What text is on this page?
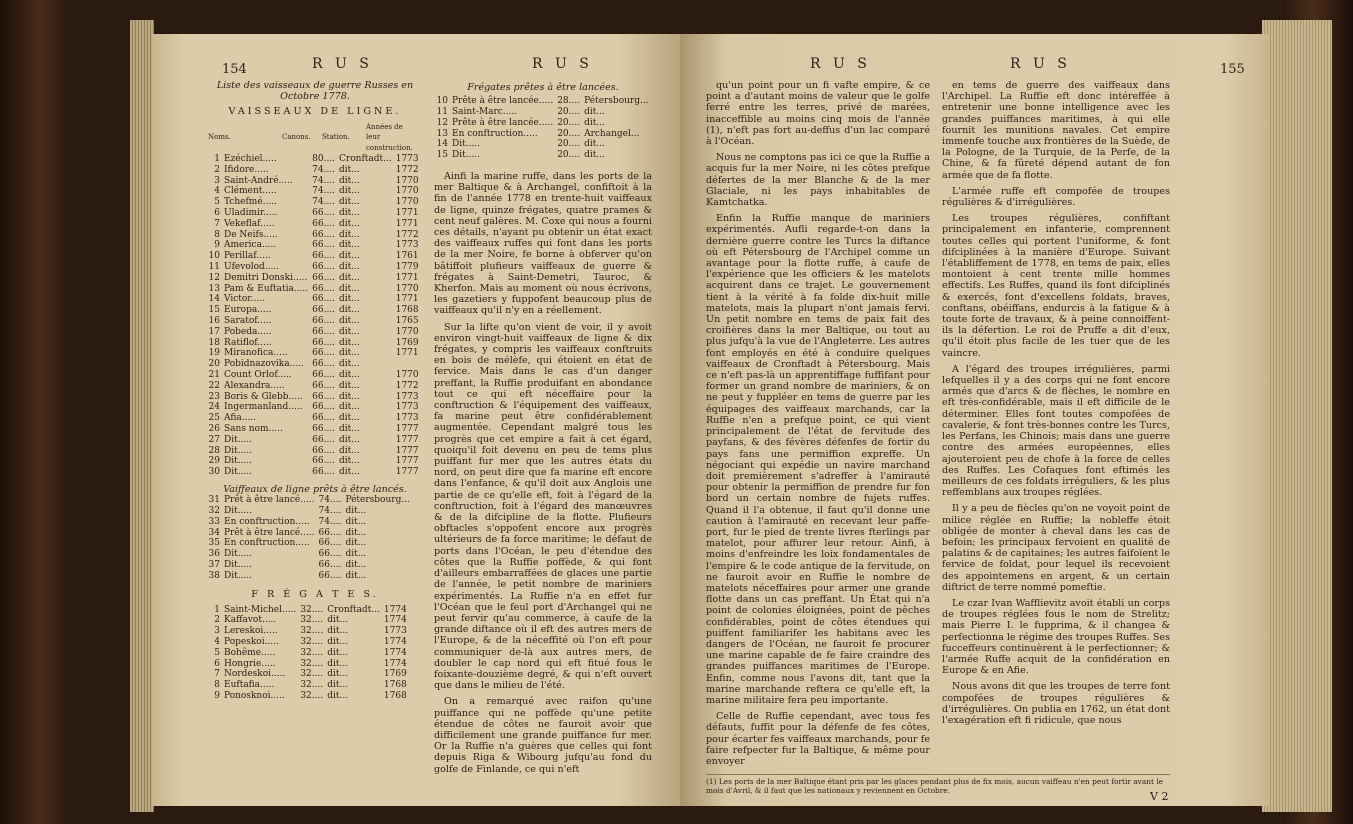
154	R U S	R U S
Liste des vaisseaux de guerre Russes en Octobre 1778.
VAISSEAUX DE LIGNE.
Noms.	Canons.	Station.	Années de leur construction.
1	Ezéchiel.....	80....	Cronftadt...	1773
2	Ifidore.....	74....	dit...	1772
3	Saint-André.....	74....	dit...	1770
4	Clément.....	74....	dit...	1770
5	Tchefmé.....	74....	dit...	1770
6	Uladimir.....	66....	dit...	1771
7	Vekeflaf.....	66....	dit...	1771
8	De Neifs.....	66....	dit...	1772
9	America.....	66....	dit...	1773
10	Perillaf.....	66....	dit...	1761
11	Ufevolod.....	66....	dit...	1779
12	Demitri Donski.....	66....	dit...	1771
13	Pam & Euftatia.....	66....	dit...	1770
14	Victor.....	66....	dit...	1771
15	Europa.....	66....	dit...	1768
16	Saratof.....	66....	dit...	1765
17	Pobeda.....	66....	dit...	1770
18	Ratiflof.....	66....	dit...	1769
19	Miranofica.....	66....	dit...	1771
20	Pobidnazovika.....	66....	dit...	
21	Count Orlof.....	66....	dit...	1770
22	Alexandra.....	66....	dit...	1772
23	Boris & Glebb.....	66....	dit...	1773
24	Ingermanland.....	66....	dit...	1773
25	Afia.....	66....	dit...	1773
26	Sans nom.....	66....	dit...	1777
27	Dit.....	66....	dit...	1777
28	Dit.....	66....	dit...	1777
29	Dit.....	66....	dit...	1777
30	Dit.....	66....	dit...	1777
Vaiffeaux de ligne prêts à être lancés.
31	Prêt à être lancé.....	74....	Pétersbourg...
32	Dit.....	74....	dit...
33	En conftruction.....	74....	dit...
34	Prêt à être lancé.....	66....	dit...
35	En conftruction.....	66....	dit...
36	Dit.....	66....	dit...
37	Dit.....	66....	dit...
38	Dit.....	66....	dit...
F R É G A T E S.
1	Saint-Michel.....	32....	Cronftadt...	1774
2	Kaffavot.....	32....	dit...	1774
3	Lereskoi.....	32....	dit...	1773
4	Popeskoi.....	32....	dit...	1774
5	Bohême.....	32....	dit...	1774
6	Hongrie.....	32....	dit...	1774
7	Nordeskoi.....	32....	dit...	1769
8	Euftafia.....	32....	dit...	1768
9	Ponosknoi.....	32....	dit...	1768
Frégates prêtes à être lancées.
10	Prête à être lancée.....	28....	Pétersbourg...
11	Saint-Marc.....	20....	dit...
12	Prête à être lancée.....	20....	dit...
13	En conftruction.....	20....	Archangel...
14	Dit.....	20....	dit...
15	Dit.....	20....	dit...

Ainfi la marine ruffe, dans les ports de la mer Baltique & à Archangel, confiftoit à la fin de l'année 1778 en trente-huit vaiffeaux de ligne, quinze frégates, quatre prames & cent neuf galères. M. Coxe qui nous a fourni ces détails, n'ayant pu obtenir un état exact des vaiffeaux ruffes qui font dans les ports de la mer Noire, fe borne à obferver qu'on bâtiffoit plufieurs vaiffeaux de guerre & frégates à Saint-Demetri, Tauroc, & Kherfon. Mais au moment où nous écrivons, les gazetiers y fuppofent beaucoup plus de vaiffeaux qu'il n'y en a réellement.

Sur la lifte qu'on vient de voir, il y avoit environ vingt-huit vaiffeaux de ligne & dix frégates, y compris les vaiffeaux conftruits en bois de mélèfe, qui étoient en état de fervice. Mais dans le cas d'un danger preffant, la Ruffie produifant en abondance tout ce qui eft néceffaire pour la conftruction & l'équipement des vaiffeaux, fa marine peut être confidérablement augmentée. Cependant malgré tous les progrès que cet empire a fait à cet égard, quoiqu'il foit devenu en peu de tems plus puiffant fur mer que les autres états du nord, on peut dire que fa marine eft encore dans l'enfance, & qu'il doit aux Anglois une partie de ce qu'elle eft, foit à l'égard de la conftruction, foit à l'égard des manœuvres & de la difcipline de la flotte. Plufieurs obftacles s'oppofent encore aux progrès ultérieurs de fa force maritime; le défaut de ports dans l'Océan, le peu d'étendue des côtes que la Ruffie poffède, & qui font d'ailleurs embarraffées de glaces une partie de l'année, le petit nombre de mariniers expérimentés. La Ruffie n'a en effet fur l'Océan que le feul port d'Archangel qui ne peut fervir qu'au commerce, à caufe de la grande diftance où il eft des autres mers de l'Europe, & de la néceffité où l'on eft pour communiquer de-là aux autres mers, de doubler le cap nord qui eft fitué fous le foixante-douzième degré, & qui n'eft ouvert que dans le milieu de l'été.

On a remarqué avec raifon qu'une puiffance qui ne poffède qu'une petite étendue de côtes ne fauroit avoir que difficilement une grande puiffance fur mer. Or la Ruffie n'a guères que celles qui font depuis Riga & Wibourg jufqu'au fond du golfe de Finlande, ce qui n'eft

R U S	R U S	155

qu'un point pour un fi vafte empire, & ce point a d'autant moins de valeur que le golfe ferré entre les terres, privé de marées, inacceffible au moins cinq mois de l'année (1), n'eft pas fort au-deffus d'un lac comparé à l'Océan.

Nous ne comptons pas ici ce que la Ruffie a acquis fur la mer Noire, ni les côtes prefque défertes de la mer Blanche & de la mer Glaciale, ni les pays inhabitables de Kamtchatka.

Enfin la Ruffie manque de mariniers expérimentés. Aufli regarde-t-on dans la dernière guerre contre les Turcs la diftance où eft Pétersbourg de l'Archipel comme un avantage pour la flotte ruffe, à caufe de l'expérience que les officiers & les matelots acquirent dans ce trajet. Le gouvernement tient à la vérité à fa folde dix-huit mille matelots, mais la plupart n'ont jamais fervi. Un petit nombre en tems de paix fait des croifières dans la mer Baltique, ou tout au plus jufqu'à la vue de l'Angleterre. Les autres font employés en été à conduire quelques vaiffeaux de Cronftadt à Pétersbourg. Mais ce n'eft pas-là un apprentiffage fuffifant pour former un grand nombre de mariniers, & on ne peut y fuppléer en tems de guerre par les équipages des vaiffeaux marchands, car la Ruffie n'en a prefque point, ce qui vient principalement de l'état de fervitude des payfans, & des févères défenfes de fortir du pays fans une permiffion expreffe. Un négociant qui expédie un navire marchand doit premièrement s'adreffer à l'amirauté pour obtenir la permiffion de prendre fur fon bord un certain nombre de fujets ruffes. Quand il l'a obtenue, il faut qu'il donne une caution à l'amirauté en recevant leur paffe-port, fur le pied de trente livres fterlings par matelot, pour affurer leur retour. Ainfi, à moins d'enfreindre les loix fondamentales de l'empire & le code antique de la fervitude, on ne fauroit avoir en Ruffie le nombre de matelots néceffaires pour armer une grande flotte dans un cas preffant. Un État qui n'a point de colonies éloignées, point de pêches confidérables, point de côtes étendues qui puiffent familiarifer les habitans avec les dangers de l'Océan, ne fauroit fe procurer une marine capable de fe faire craindre des grandes puiffances maritimes de l'Europe. Enfin, comme nous l'avons dit, tant que la marine marchande reftera ce qu'elle eft, la marine militaire fera peu importante.

Celle de Ruffie cependant, avec tous fes défauts, fuffit pour la défenfe de fes côtes, pour écarter fes vaiffeaux marchands, pour fe faire refpecter fur la Baltique, & même pour envoyer

en tems de guerre des vaiffeaux dans l'Archipel. La Ruffie eft donc intéreffée à entretenir une bonne intelligence avec les grandes puiffances maritimes, à qui elle fournit les munitions navales. Cet empire immenfe touche aux frontières de la Suède, de la Pologne, de la Turquie, de la Perfe, de la Chine, & fa fûreté dépend autant de fon armée que de fa flotte.

L'armée ruffe eft compofée de troupes régulières & d'irrégulières.

Les troupes régulières, confiftant principalement en infanterie, comprennent toutes celles qui portent l'uniforme, & font difciplinées à la manière d'Europe. Suivant l'établiffement de 1778, en tems de paix, elles montoient à cent trente mille hommes effectifs. Les Ruffes, quand ils font difciplinés & exercés, font d'excellens foldats, braves, conftans, obéiffans, endurcis à la fatigue & à toute forte de travaux, & à peine connoiffent-ils la défertion. Le roi de Pruffe a dit d'eux, qu'il étoit plus facile de les tuer que de les vaincre.

A l'égard des troupes irrégulières, parmi lefquelles il y a des corps qui ne font encore armés que d'arcs & de flèches, le nombre en eft très-confidérable, mais il eft difficile de le déterminer. Elles font toutes compofées de cavalerie, & font très-bonnes contre les Turcs, les Perfans, les Chinois; mais dans une guerre contre des armées européennes, elles ajouteroient peu de chofe à la force de celles des Ruffes. Les Cofaques font eftimés les meilleurs de ces foldats irréguliers, & les plus reffemblans aux troupes réglées.

Il y a peu de fiècles qu'on ne voyoit point de milice réglée en Ruffie; la nobleffe étoit obligée de monter à cheval dans les cas de befoin; les principaux fervoient en qualité de palatins & de capitaines; les autres faifoient le fervice de foldat, pour lequel ils recevoient des appointemens en argent, & un certain diftrict de terre nommé pomeftie.

Le czar Ivan Wafflievitz avoit établi un corps de troupes réglées fous le nom de Strelitz; mais Pierre I. le fupprima, & il changea & perfectionna le régime des troupes Ruffes. Ses fucceffeurs continuèrent à le perfectionner; & l'armée Ruffe acquit de la confidération en Europe & en Afie.

Nous avons dit que les troupes de terre font compofées de troupes régulières & d'irrégulières. On publia en 1762, un état dont l'exagération eft fi ridicule, que nous

(1) Les ports de la mer Baltique étant pris par les glaces pendant plus de fix mois, aucun vaiffeau n'en peut fortir avant le mois d'Avril, & il faut que les nationaux y reviennent en Octobre.	V 2
